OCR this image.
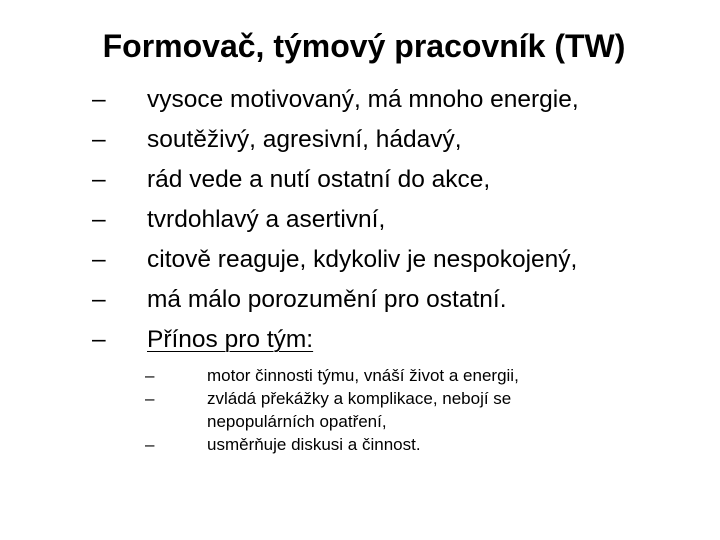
Formovač, týmový pracovník (TW)
– vysoce motivovaný, má mnoho energie,
– soutěživý, agresivní, hádavý,
– rád vede a nutí ostatní do akce,
– tvrdohlavý a asertivní,
– citově reaguje, kdykoliv je nespokojený,
– má málo porozumění pro ostatní.
– Přínos pro tým:
–	motor činnosti týmu, vnáší život a energii,
–	zvládá překážky a komplikace, nebojí se nepopulárních opatření,
–	usměrňuje diskusi a činnost.
